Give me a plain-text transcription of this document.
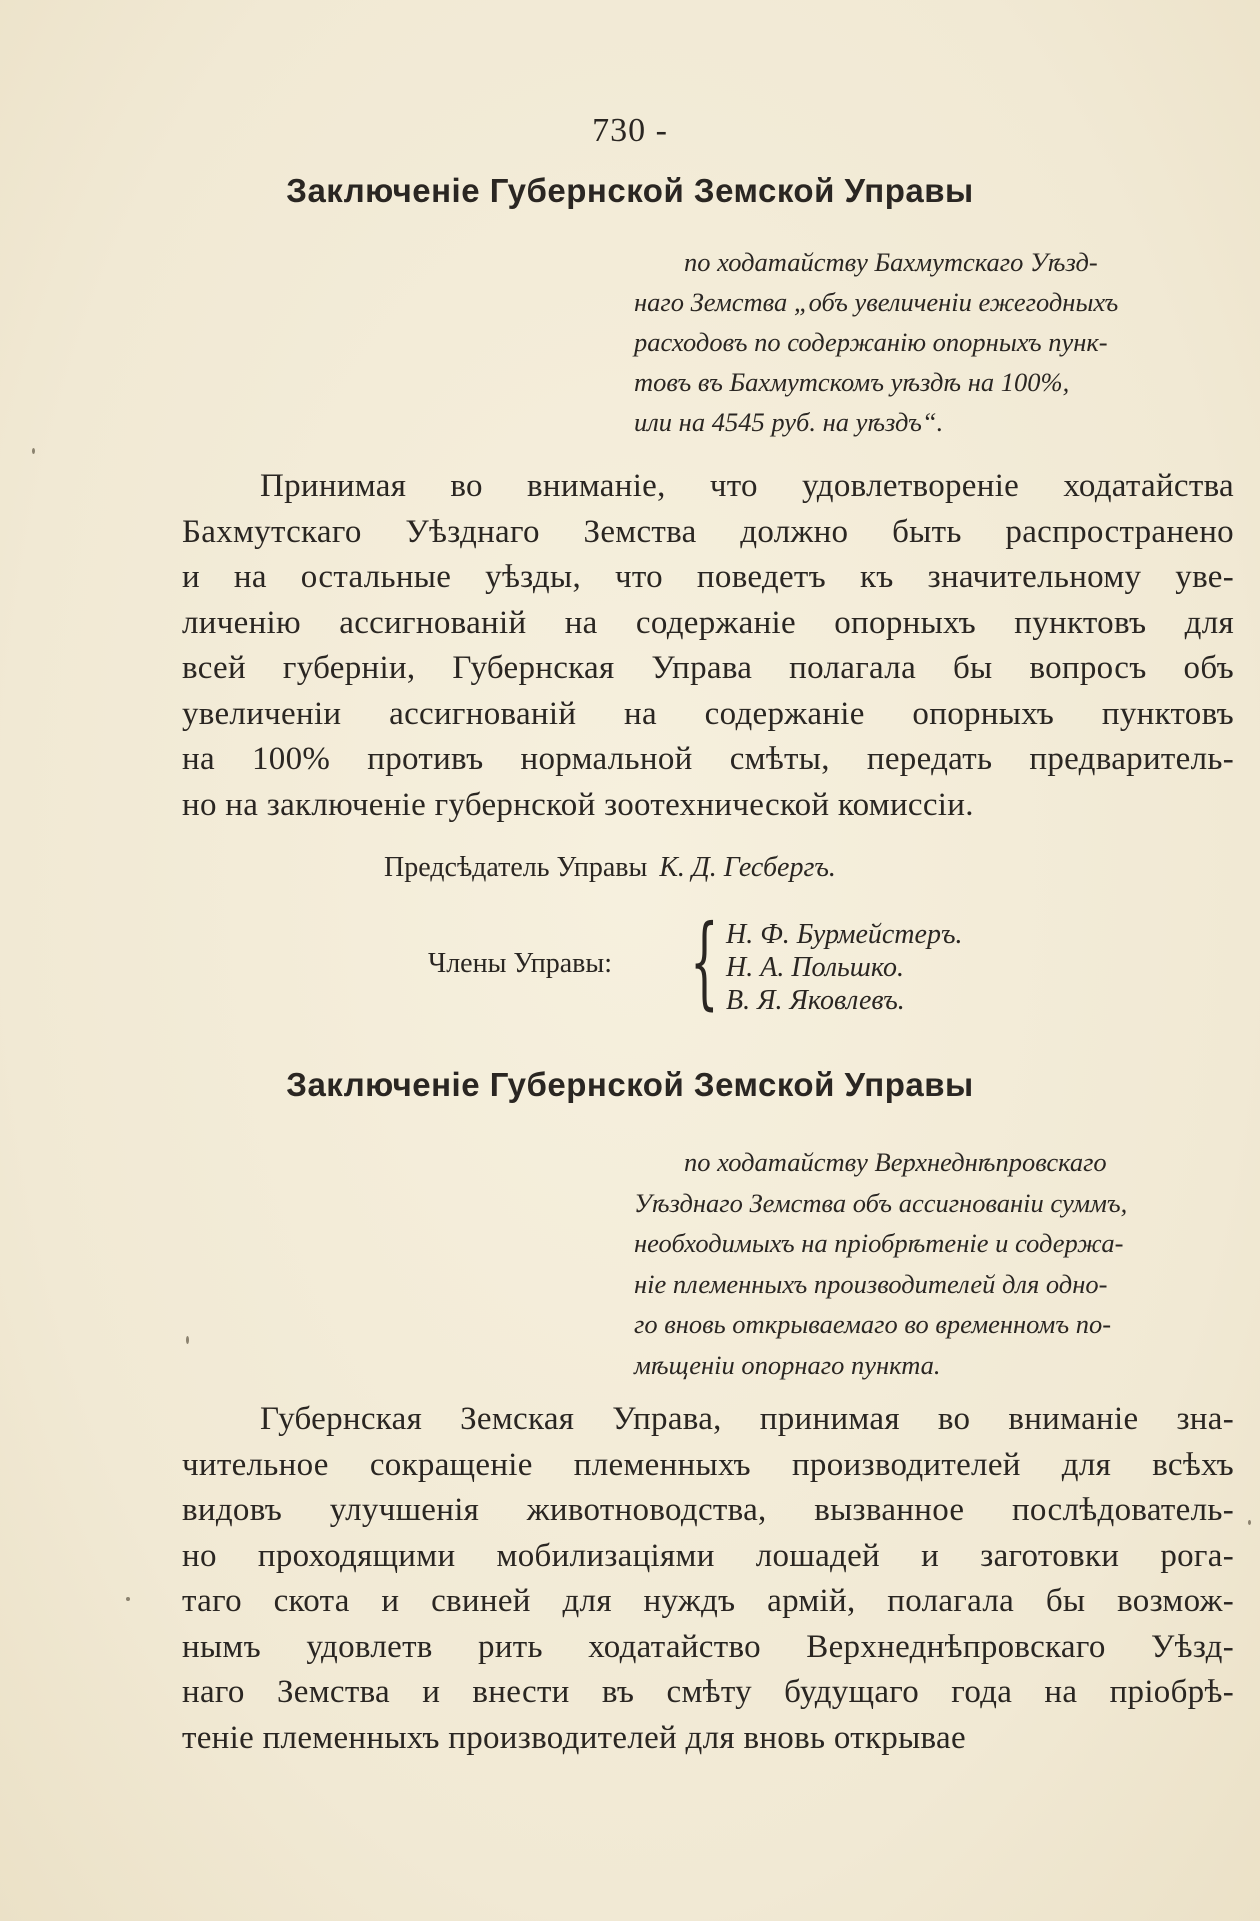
730 -
Заключеніе Губернской Земской Управы
по ходатайству Бахмутскаго Уѣзд-
наго Земства „объ увеличеніи ежегодныхъ
расходовъ по содержанію опорныхъ пунк-
товъ въ Бахмутскомъ уѣздѣ на 100%,
или на 4545 руб. на уѣздъ“.
Принимая во вниманіе, что удовлетвореніе ходатайства
Бахмутскаго Уѣзднаго Земства должно быть распространено
и на остальные уѣзды, что поведетъ къ значительному уве-
личенію ассигнованій на содержаніе опорныхъ пунктовъ для
всей губерніи, Губернская Управа полагала бы вопросъ объ
увеличеніи ассигнованій на содержаніе опорныхъ пунктовъ
на 100% противъ нормальной смѣты, передать предваритель-
но на заключеніе губернской зоотехнической комиссіи.
Предсѣдатель Управы К. Д. Гесбергъ.
Члены Управы: { Н. Ф. Бурмейстеръ.
Н. А. Польшко.
В. Я. Яковлевъ.
Заключеніе Губернской Земской Управы
по ходатайству Верхнеднѣпровскаго
Уѣзднаго Земства объ ассигнованіи суммъ,
необходимыхъ на пріобрѣтеніе и содержа-
ніе племенныхъ производителей для одно-
го вновь открываемаго во временномъ по-
мѣщеніи опорнаго пункта.
Губернская Земская Управа, принимая во вниманіе зна-
чительное сокращеніе племенныхъ производителей для всѣхъ
видовъ улучшенія животноводства, вызванное послѣдователь-
но проходящими мобилизаціями лошадей и заготовки рога-
таго скота и свиней для нуждъ армій, полагала бы возмож-
нымъ удовлетв рить ходатайство Верхнеднѣпровскаго Уѣзд-
наго Земства и внести въ смѣту будущаго года на пріобрѣ-
теніе племенныхъ производителей для вновь открывае
